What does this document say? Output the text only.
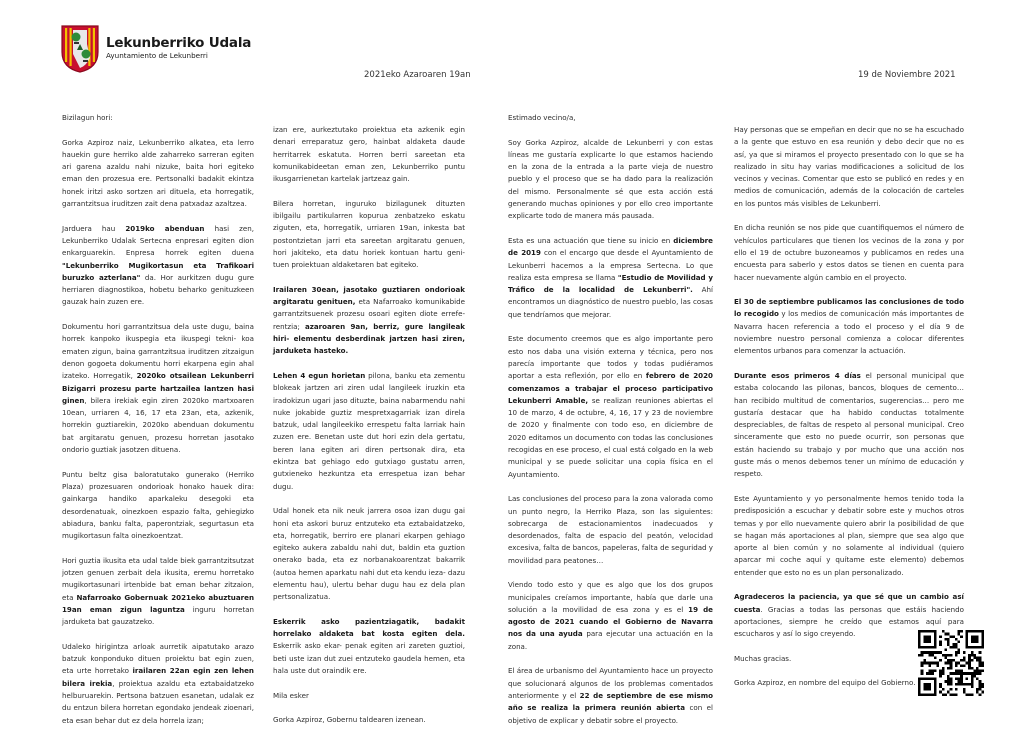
Lekunberriko Udala
Ayuntamiento de Lekunberri
2021eko Azaroaren 19an	19 de Noviembre 2021

Bizilagun hori:

Gorka Azpiroz naiz, Lekunberriko alkatea, eta lerro hauekin gure herriko alde zaharreko sarreran egiten ari garena azaldu nahi nizuke, baita hori egiteko eman den prozesua ere. Pertsonalki badakit ekintza honek iritzi asko sortzen ari dituela, eta horregatik, garrantzitsua iruditzen zait dena patxadaz azaltzea.

Jarduera hau 2019ko abenduan hasi zen, Lekunberriko Udalak Sertecna enpresari egiten dion enkarguarekin. Enpresa horrek egiten duena "Lekunberriko Mugikortasun eta Trafikoari buruzko azterlana" da. Hor aurkitzen dugu gure herriaren diagnostikoa, hobetu beharko genituzkeen gauzak hain zuzen ere.

Dokumentu hori garrantzitsua dela uste dugu, baina horrek kanpoko ikuspegia eta ikuspegi tekni- koa ematen zigun, baina garrantzitsua iruditzen zitzaigun denon gogoeta dokumentu horri ekarpena egin ahal izateko. Horregatik, 2020ko otsailean Lekunberri Bizigarri prozesu parte hartzailea lantzen hasi ginen, bilera irekiak egin ziren 2020ko martxoaren 10ean, urriaren 4, 16, 17 eta 23an, eta, azkenik, horrekin guztiarekin, 2020ko abenduan dokumentu bat argitaratu genuen, prozesu horretan jasotako ondorio guztiak jasotzen dituena.

Puntu beltz gisa baloratutako gunerako (Herriko Plaza) prozesuaren ondorioak honako hauek dira: gainkarga handiko aparkaleku desegoki eta desordenatuak, oinezkoen espazio falta, gehiegizko abiadura, banku falta, paperontziak, segurtasun eta mugikortasun falta oinezkoentzat.

Hori guztia ikusita eta udal talde biek garrantzitsutzat jotzen genuen zerbait dela ikusita, eremu horretako mugikortasunari irtenbide bat eman behar zitzaion, eta Nafarroako Gobernuak 2021eko abuztuaren 19an eman zigun laguntza inguru horretan jarduketa bat gauzatzeko.

Udaleko hirigintza arloak aurretik aipatutako arazo batzuk konponduko dituen proiektu bat egin zuen, eta urte horretako irailaren 22an egin zen lehen bilera irekia, proiektua azaldu eta eztabaidatzeko helburuarekin. Pertsona batzuen esanetan, udalak ez du entzun bilera horretan egondako jendeak zioenari, eta esan behar dut ez dela horrela izan;

izan ere, aurkeztutako proiektua eta azkenik egin denari erreparatuz gero, hainbat aldaketa daude herritarrek eskatuta. Horren berri sareetan eta komunikabideetan eman zen, Lekunberriko puntu ikusgarrienetan kartelak jartzeaz gain.

Bilera horretan, inguruko bizilagunek dituzten ibilgailu partikularren kopurua zenbatzeko eskatu ziguten, eta, horregatik, urriaren 19an, inkesta bat postontzietan jarri eta sareetan argitaratu genuen, hori jakiteko, eta datu horiek kontuan hartu geni- tuen proiektuan aldaketaren bat egiteko.

Irailaren 30ean, jasotako guztiaren ondorioak argitaratu genituen, eta Nafarroako komunikabide garrantzitsuenek prozesu osoari egiten diote errefe- rentzia; azaroaren 9an, berriz, gure langileak hiri- elementu desberdinak jartzen hasi ziren, jarduketa hasteko.

Lehen 4 egun horietan pilona, banku eta zementu blokeak jartzen ari ziren udal langileek iruzkin eta iradokizun ugari jaso dituzte, baina nabarmendu nahi nuke jokabide guztiz mespretxagarriak izan direla batzuk, udal langileekiko errespetu falta larriak hain zuzen ere. Benetan uste dut hori ezin dela gertatu, beren lana egiten ari diren pertsonak dira, eta ekintza bat gehiago edo gutxiago gustatu arren, gutxieneko hezkuntza eta errespetua izan behar dugu.

Udal honek eta nik neuk jarrera osoa izan dugu gai honi eta askori buruz entzuteko eta eztabaidatzeko, eta, horregatik, berriro ere planari ekarpen gehiago egiteko aukera zabaldu nahi dut, baldin eta guztion onerako bada, eta ez norbanakoarentzat bakarrik (autoa hemen aparkatu nahi dut eta kendu ieza- dazu elementu hau), ulertu behar dugu hau ez dela plan pertsonalizatua.

Eskerrik asko pazientziagatik, badakit horrelako aldaketa bat kosta egiten dela. Eskerrik asko ekar- penak egiten ari zareten guztioi, beti uste izan dut zuei entzuteko gaudela hemen, eta hala uste dut oraindik ere.

Mila esker

Gorka Azpiroz, Gobernu taldearen izenean.

Estimado vecino/a,

Soy Gorka Azpiroz, alcalde de Lekunberri y con estas líneas me gustaría explicarte lo que estamos haciendo en la zona de la entrada a la parte vieja de nuestro pueblo y el proceso que se ha dado para la realización del mismo. Personalmente sé que esta acción está generando muchas opiniones y por ello creo importante explicarte todo de manera más pausada.

Esta es una actuación que tiene su inicio en diciembre de 2019 con el encargo que desde el Ayuntamiento de Lekunberri hacemos a la empresa Sertecna. Lo que realiza esta empresa se llama "Estudio de Movilidad y Tráfico de la localidad de Lekunberri". Ahí encontramos un diagnóstico de nuestro pueblo, las cosas que tendríamos que mejorar.

Este documento creemos que es algo importante pero esto nos daba una visión externa y técnica, pero nos parecía importante que todos y todas pudiéramos aportar a esta reflexión, por ello en febrero de 2020 comenzamos a trabajar el proceso participativo Lekunberri Amable, se realizan reuniones abiertas el 10 de marzo, 4 de octubre, 4, 16, 17 y 23 de noviembre de 2020 y finalmente con todo eso, en diciembre de 2020 editamos un documento con todas las conclusiones recogidas en ese proceso, el cual está colgado en la web municipal y se puede solicitar una copia física en el Ayuntamiento.

Las conclusiones del proceso para la zona valorada como un punto negro, la Herriko Plaza, son las siguientes: sobrecarga de estacionamientos inadecuados y desordenados, falta de espacio del peatón, velocidad excesiva, falta de bancos, papeleras, falta de seguridad y movilidad para peatones…

Viendo todo esto y que es algo que los dos grupos municipales creíamos importante, había que darle una solución a la movilidad de esa zona y es el 19 de agosto de 2021 cuando el Gobierno de Navarra nos da una ayuda para ejecutar una actuación en la zona.

El área de urbanismo del Ayuntamiento hace un proyecto que solucionará algunos de los problemas comentados anteriormente y el 22 de septiembre de ese mismo año se realiza la primera reunión abierta con el objetivo de explicar y debatir sobre el proyecto.

Hay personas que se empeñan en decir que no se ha escuchado a la gente que estuvo en esa reunión y debo decir que no es así, ya que si miramos el proyecto presentado con lo que se ha realizado in situ hay varias modificaciones a solicitud de los vecinos y vecinas. Comentar que esto se publicó en redes y en medios de comunicación, además de la colocación de carteles en los puntos más visibles de Lekunberri.

En dicha reunión se nos pide que cuantifiquemos el número de vehículos particulares que tienen los vecinos de la zona y por ello el 19 de octubre buzoneamos y publicamos en redes una encuesta para saberlo y estos datos se tienen en cuenta para hacer nuevamente algún cambio en el proyecto.

El 30 de septiembre publicamos las conclusiones de todo lo recogido y los medios de comunicación más importantes de Navarra hacen referencia a todo el proceso y el día 9 de noviembre nuestro personal comienza a colocar diferentes elementos urbanos para comenzar la actuación.

Durante esos primeros 4 días el personal municipal que estaba colocando las pilonas, bancos, bloques de cemento… han recibido multitud de comentarios, sugerencias… pero me gustaría destacar que ha habido conductas totalmente despreciables, de faltas de respeto al personal municipal. Creo sinceramente que esto no puede ocurrir, son personas que están haciendo su trabajo y por mucho que una acción nos guste más o menos debemos tener un mínimo de educación y respeto.

Este Ayuntamiento y yo personalmente hemos tenido toda la predisposición a escuchar y debatir sobre este y muchos otros temas y por ello nuevamente quiero abrir la posibilidad de que se hagan más aportaciones al plan, siempre que sea algo que aporte al bien común y no solamente al individual (quiero aparcar mi coche aquí y quítame este elemento) debemos entender que esto no es un plan personalizado.

Agradeceros la paciencia, ya que sé que un cambio así cuesta. Gracias a todas las personas que estáis haciendo aportaciones, siempre he creído que estamos aquí para escucharos y así lo sigo creyendo.

Muchas gracias.

Gorka Azpiroz, en nombre del equipo del Gobierno.
